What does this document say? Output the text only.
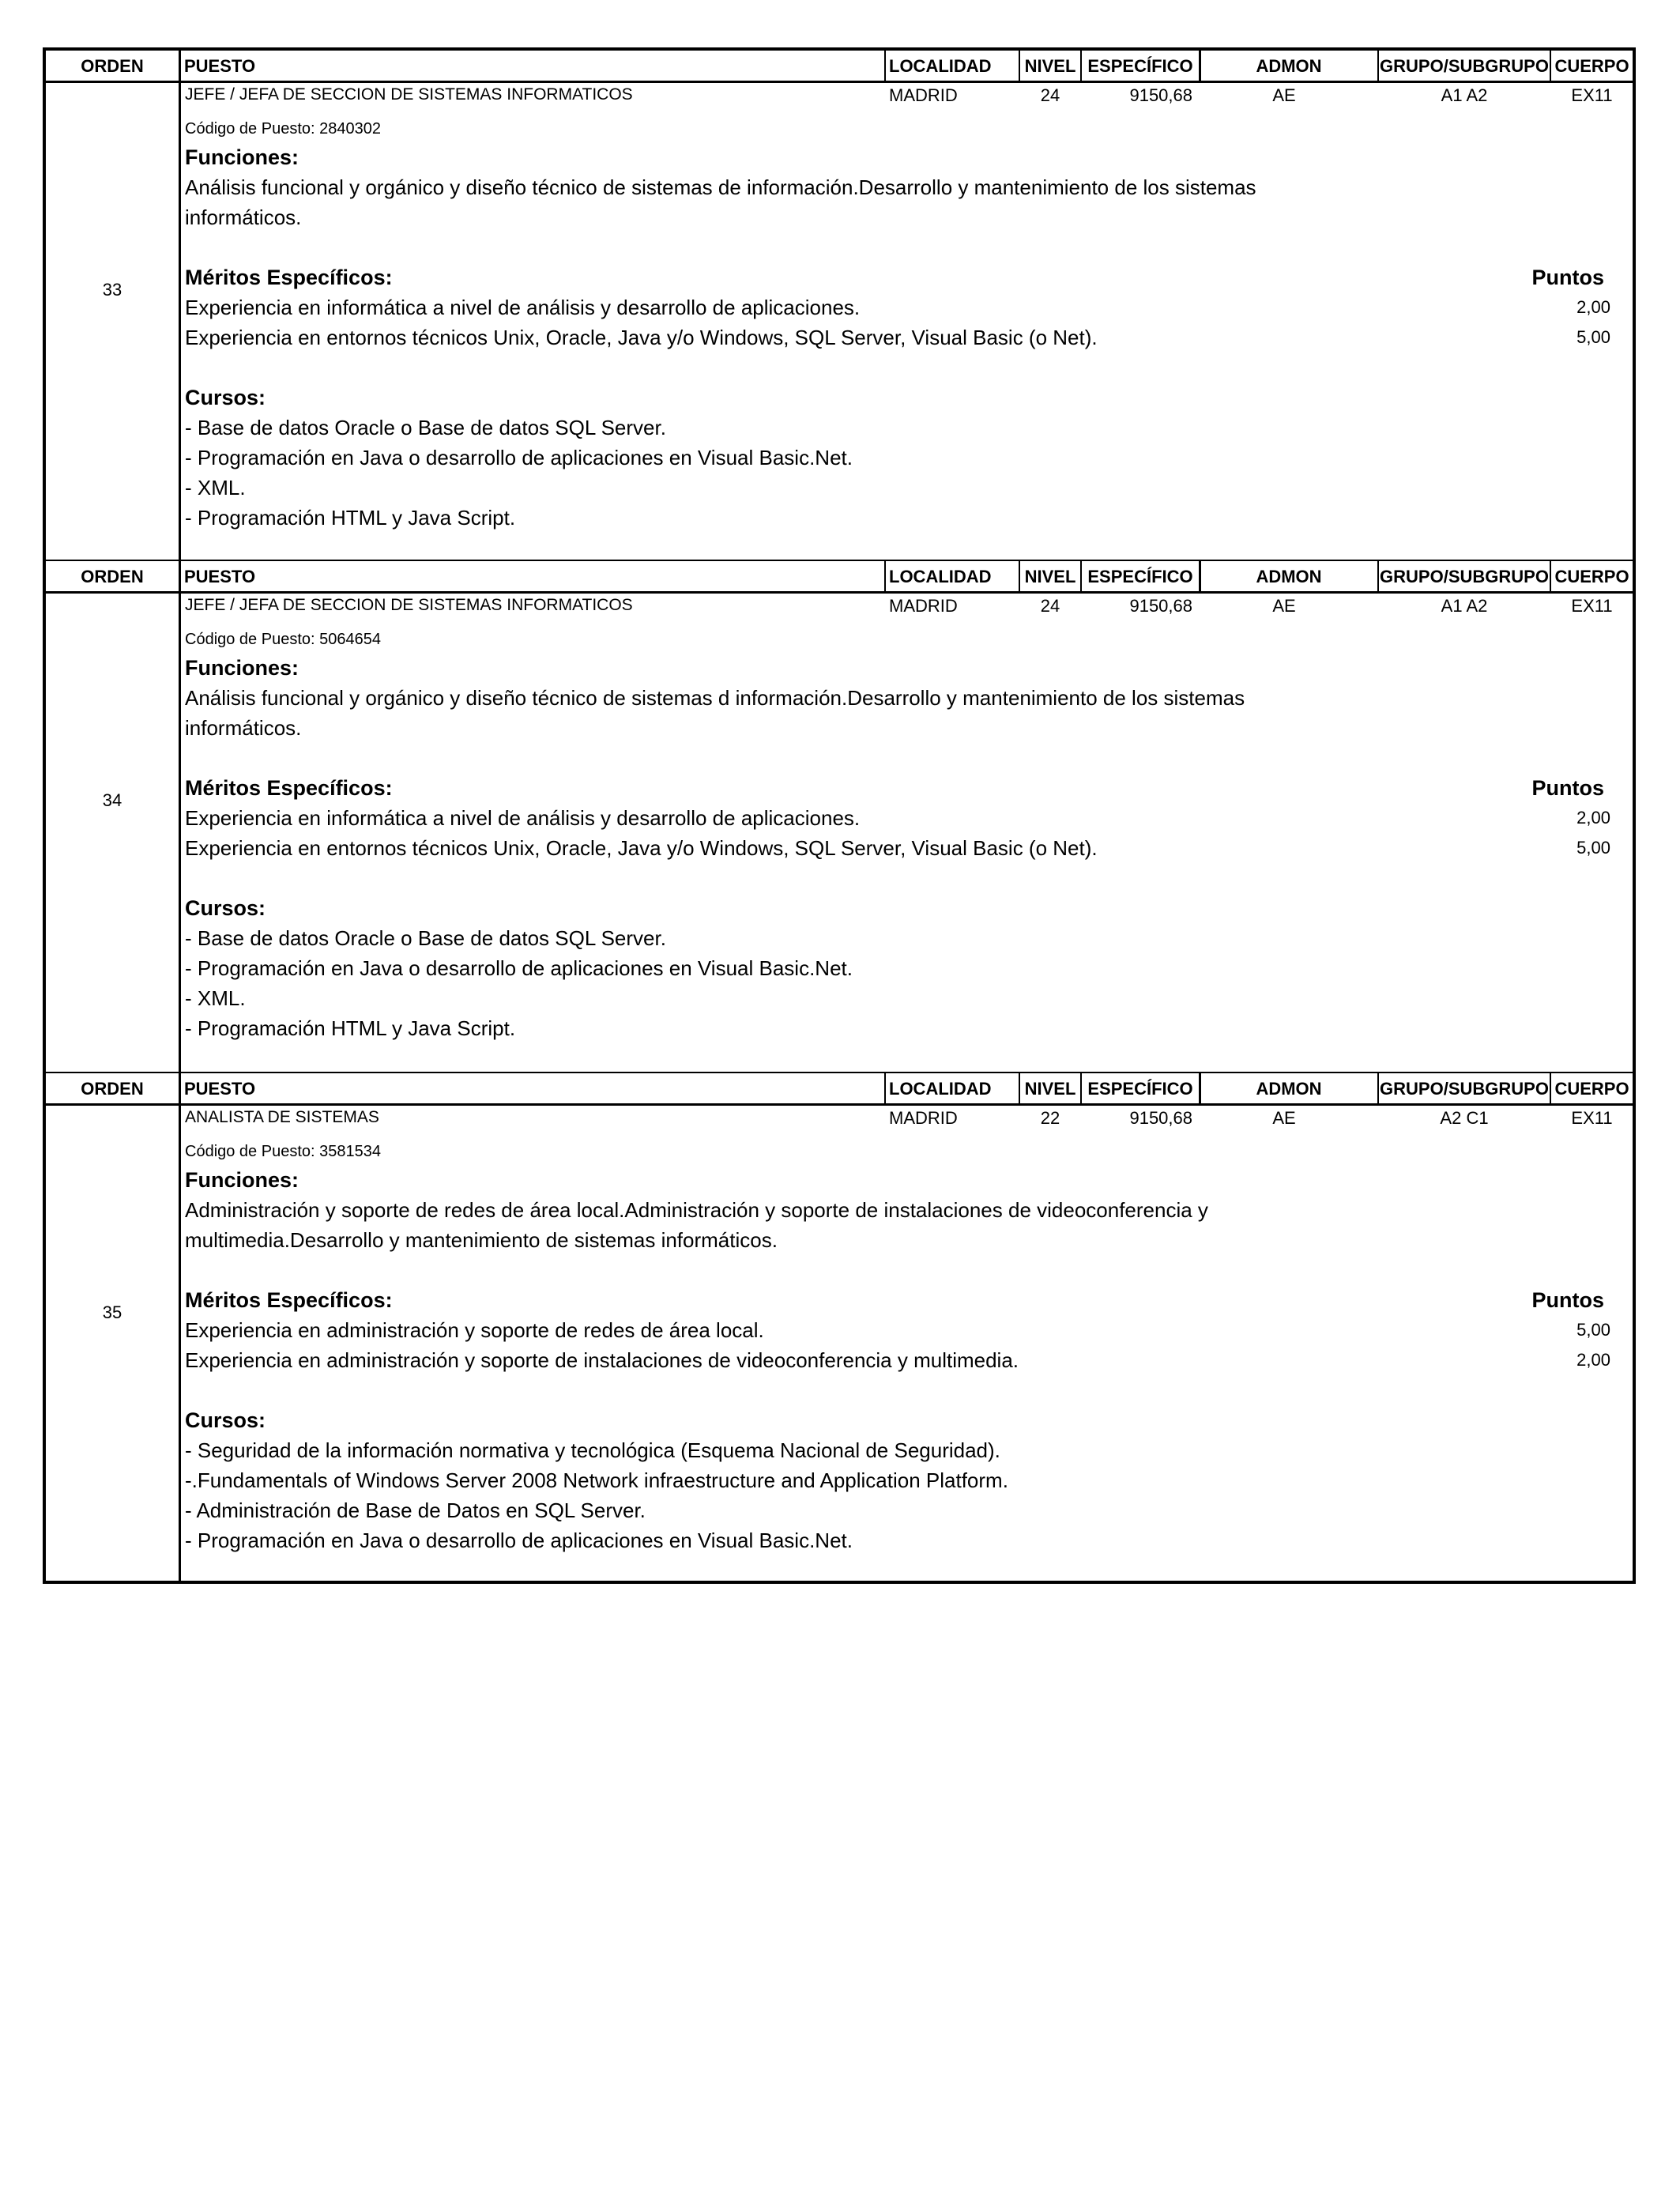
ORDEN	PUESTO	LOCALIDAD	NIVEL ESPECÍFICO	ADMON	GRUPO/SUBGRUPO CUERPO
33
JEFE / JEFA DE SECCION DE SISTEMAS INFORMATICOS	MADRID	24	9150,68	AE	A1 A2	EX11
Código de Puesto: 2840302
Funciones:
Análisis funcional y orgánico y diseño técnico de sistemas de información.Desarrollo y mantenimiento de los sistemas
informáticos.
Méritos Específicos:	Puntos
Experiencia en informática a nivel de análisis y desarrollo de aplicaciones.	2,00
Experiencia en entornos técnicos Unix, Oracle, Java y/o Windows, SQL Server, Visual Basic (o Net).	5,00
Cursos:
- Base de datos Oracle o Base de datos SQL Server.
- Programación en Java o desarrollo de aplicaciones en Visual Basic.Net.
- XML.
- Programación HTML y Java Script.
ORDEN	PUESTO	LOCALIDAD	NIVEL ESPECÍFICO	ADMON	GRUPO/SUBGRUPO CUERPO
34
JEFE / JEFA DE SECCION DE SISTEMAS INFORMATICOS	MADRID	24	9150,68	AE	A1 A2	EX11
Código de Puesto: 5064654
Funciones:
Análisis funcional y orgánico y diseño técnico de sistemas d información.Desarrollo y mantenimiento de los sistemas
informáticos.
Méritos Específicos:	Puntos
Experiencia en informática a nivel de análisis y desarrollo de aplicaciones.	2,00
Experiencia en entornos técnicos Unix, Oracle, Java y/o Windows, SQL Server, Visual Basic (o Net).	5,00
Cursos:
- Base de datos Oracle o Base de datos SQL Server.
- Programación en Java o desarrollo de aplicaciones en Visual Basic.Net.
- XML.
- Programación HTML y Java Script.
ORDEN	PUESTO	LOCALIDAD	NIVEL ESPECÍFICO	ADMON	GRUPO/SUBGRUPO CUERPO
35
ANALISTA DE SISTEMAS	MADRID	22	9150,68	AE	A2 C1	EX11
Código de Puesto: 3581534
Funciones:
Administración y soporte de redes de área local.Administración y soporte de instalaciones de videoconferencia y
multimedia.Desarrollo y mantenimiento de sistemas informáticos.
Méritos Específicos:	Puntos
Experiencia en administración y soporte de redes de área local.	5,00
Experiencia en administración y soporte de instalaciones de videoconferencia y multimedia.	2,00
Cursos:
- Seguridad de la información normativa y tecnológica (Esquema Nacional de Seguridad).
-.Fundamentals of Windows Server 2008 Network infraestructure and Application Platform.
- Administración de Base de Datos en SQL Server.
- Programación en Java o desarrollo de aplicaciones en Visual Basic.Net.
